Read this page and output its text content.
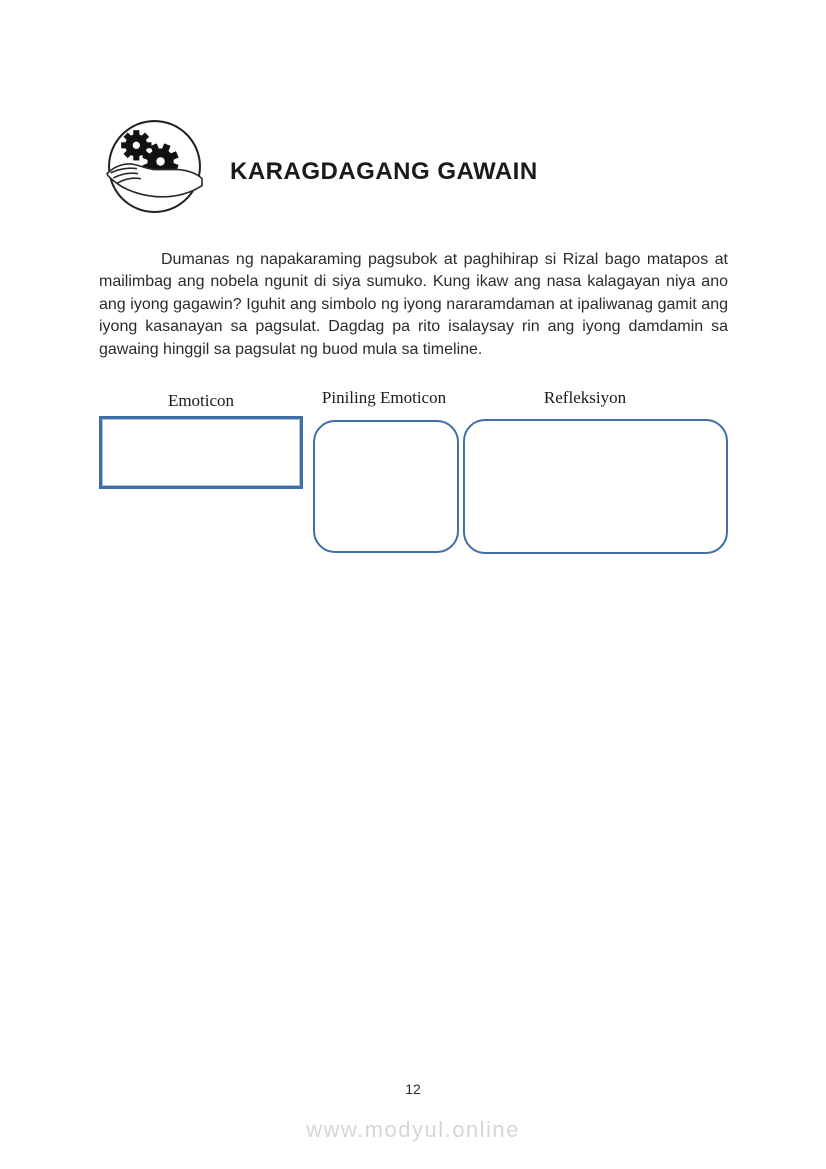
KARAGDAGANG GAWAIN
Dumanas ng napakaraming pagsubok at paghihirap si Rizal bago matapos at mailimbag ang nobela ngunit di siya sumuko. Kung ikaw ang nasa kalagayan niya ano ang iyong gagawin? Iguhit ang simbolo ng iyong nararamdaman at ipaliwanag gamit ang iyong kasanayan sa pagsulat. Dagdag pa rito isalaysay rin ang iyong damdamin sa gawaing hinggil sa pagsulat ng buod mula sa timeline.
Emoticon	Piniling Emoticon	Refleksiyon
12
www.modyul.online
